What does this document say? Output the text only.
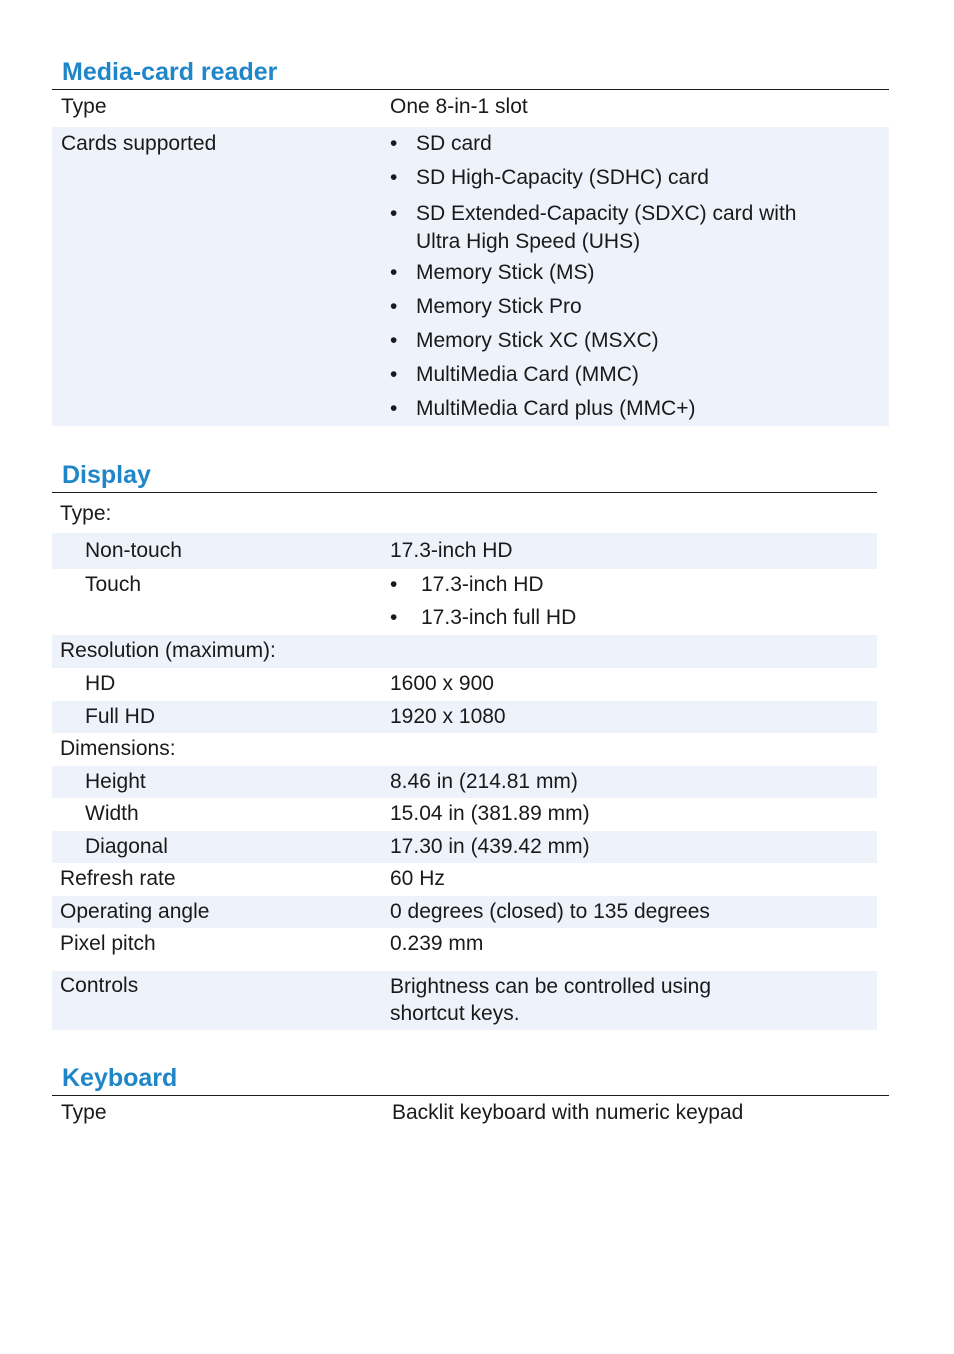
Media-card reader
Type	One 8-in-1 slot
Cards supported	• SD card
• SD High-Capacity (SDHC) card
• SD Extended-Capacity (SDXC) card with
Ultra High Speed (UHS)
• Memory Stick (MS)
• Memory Stick Pro
• Memory Stick XC (MSXC)
• MultiMedia Card (MMC)
• MultiMedia Card plus (MMC+)
Display
Type:
Non-touch	17.3-inch HD
Touch	• 17.3-inch HD
• 17.3-inch full HD
Resolution (maximum):
HD	1600 x 900
Full HD	1920 x 1080
Dimensions:
Height	8.46 in (214.81 mm)
Width	15.04 in (381.89 mm)
Diagonal	17.30 in (439.42 mm)
Refresh rate	60 Hz
Operating angle	0 degrees (closed) to 135 degrees
Pixel pitch	0.239 mm
Controls	Brightness can be controlled using
shortcut keys.
Keyboard
Type	Backlit keyboard with numeric keypad
